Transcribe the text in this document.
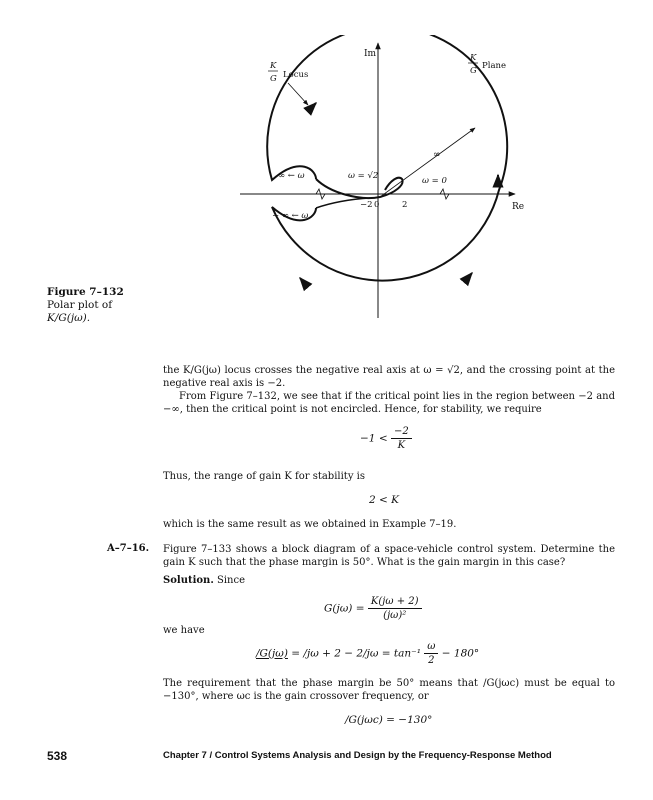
Im
Re
K
G Locus
K
G Plane
∞ ← ω
− ∞ ← ω
ω = √2	ω = 0
∞
−2 0	2
Figure 7–132
Polar plot of
K/G(jω).
the K/G(jω) locus crosses the negative real axis at ω = √2, and the crossing point at the negative real axis is −2.
From Figure 7–132, we see that if the critical point lies in the region between −2 and −∞, then the critical point is not encircled. Hence, for stability, we require
$-1 < \frac{-2}{K}$
Thus, the range of gain K for stability is
2 < K
which is the same result as we obtained in Example 7–19.
A–7–16. Figure 7–133 shows a block diagram of a space-vehicle control system. Determine the gain K such that the phase margin is 50°. What is the gain margin in this case?
Solution. Since
$G(j\omega) = \frac{K(j\omega + 2)}{\text{(jω)²}}$
we have
$/G(j\omega) = /j\omega + 2 - 2/j\omega = \tan^{-1} \frac{\omega}{2} - 180^\circ$
The requirement that the phase margin be 50° means that /G(jωc) must be equal to −130°, where ωc is the gain crossover frequency, or
/G(jωc) = −130°
538	Chapter 7 / Control Systems Analysis and Design by the Frequency-Response Method
